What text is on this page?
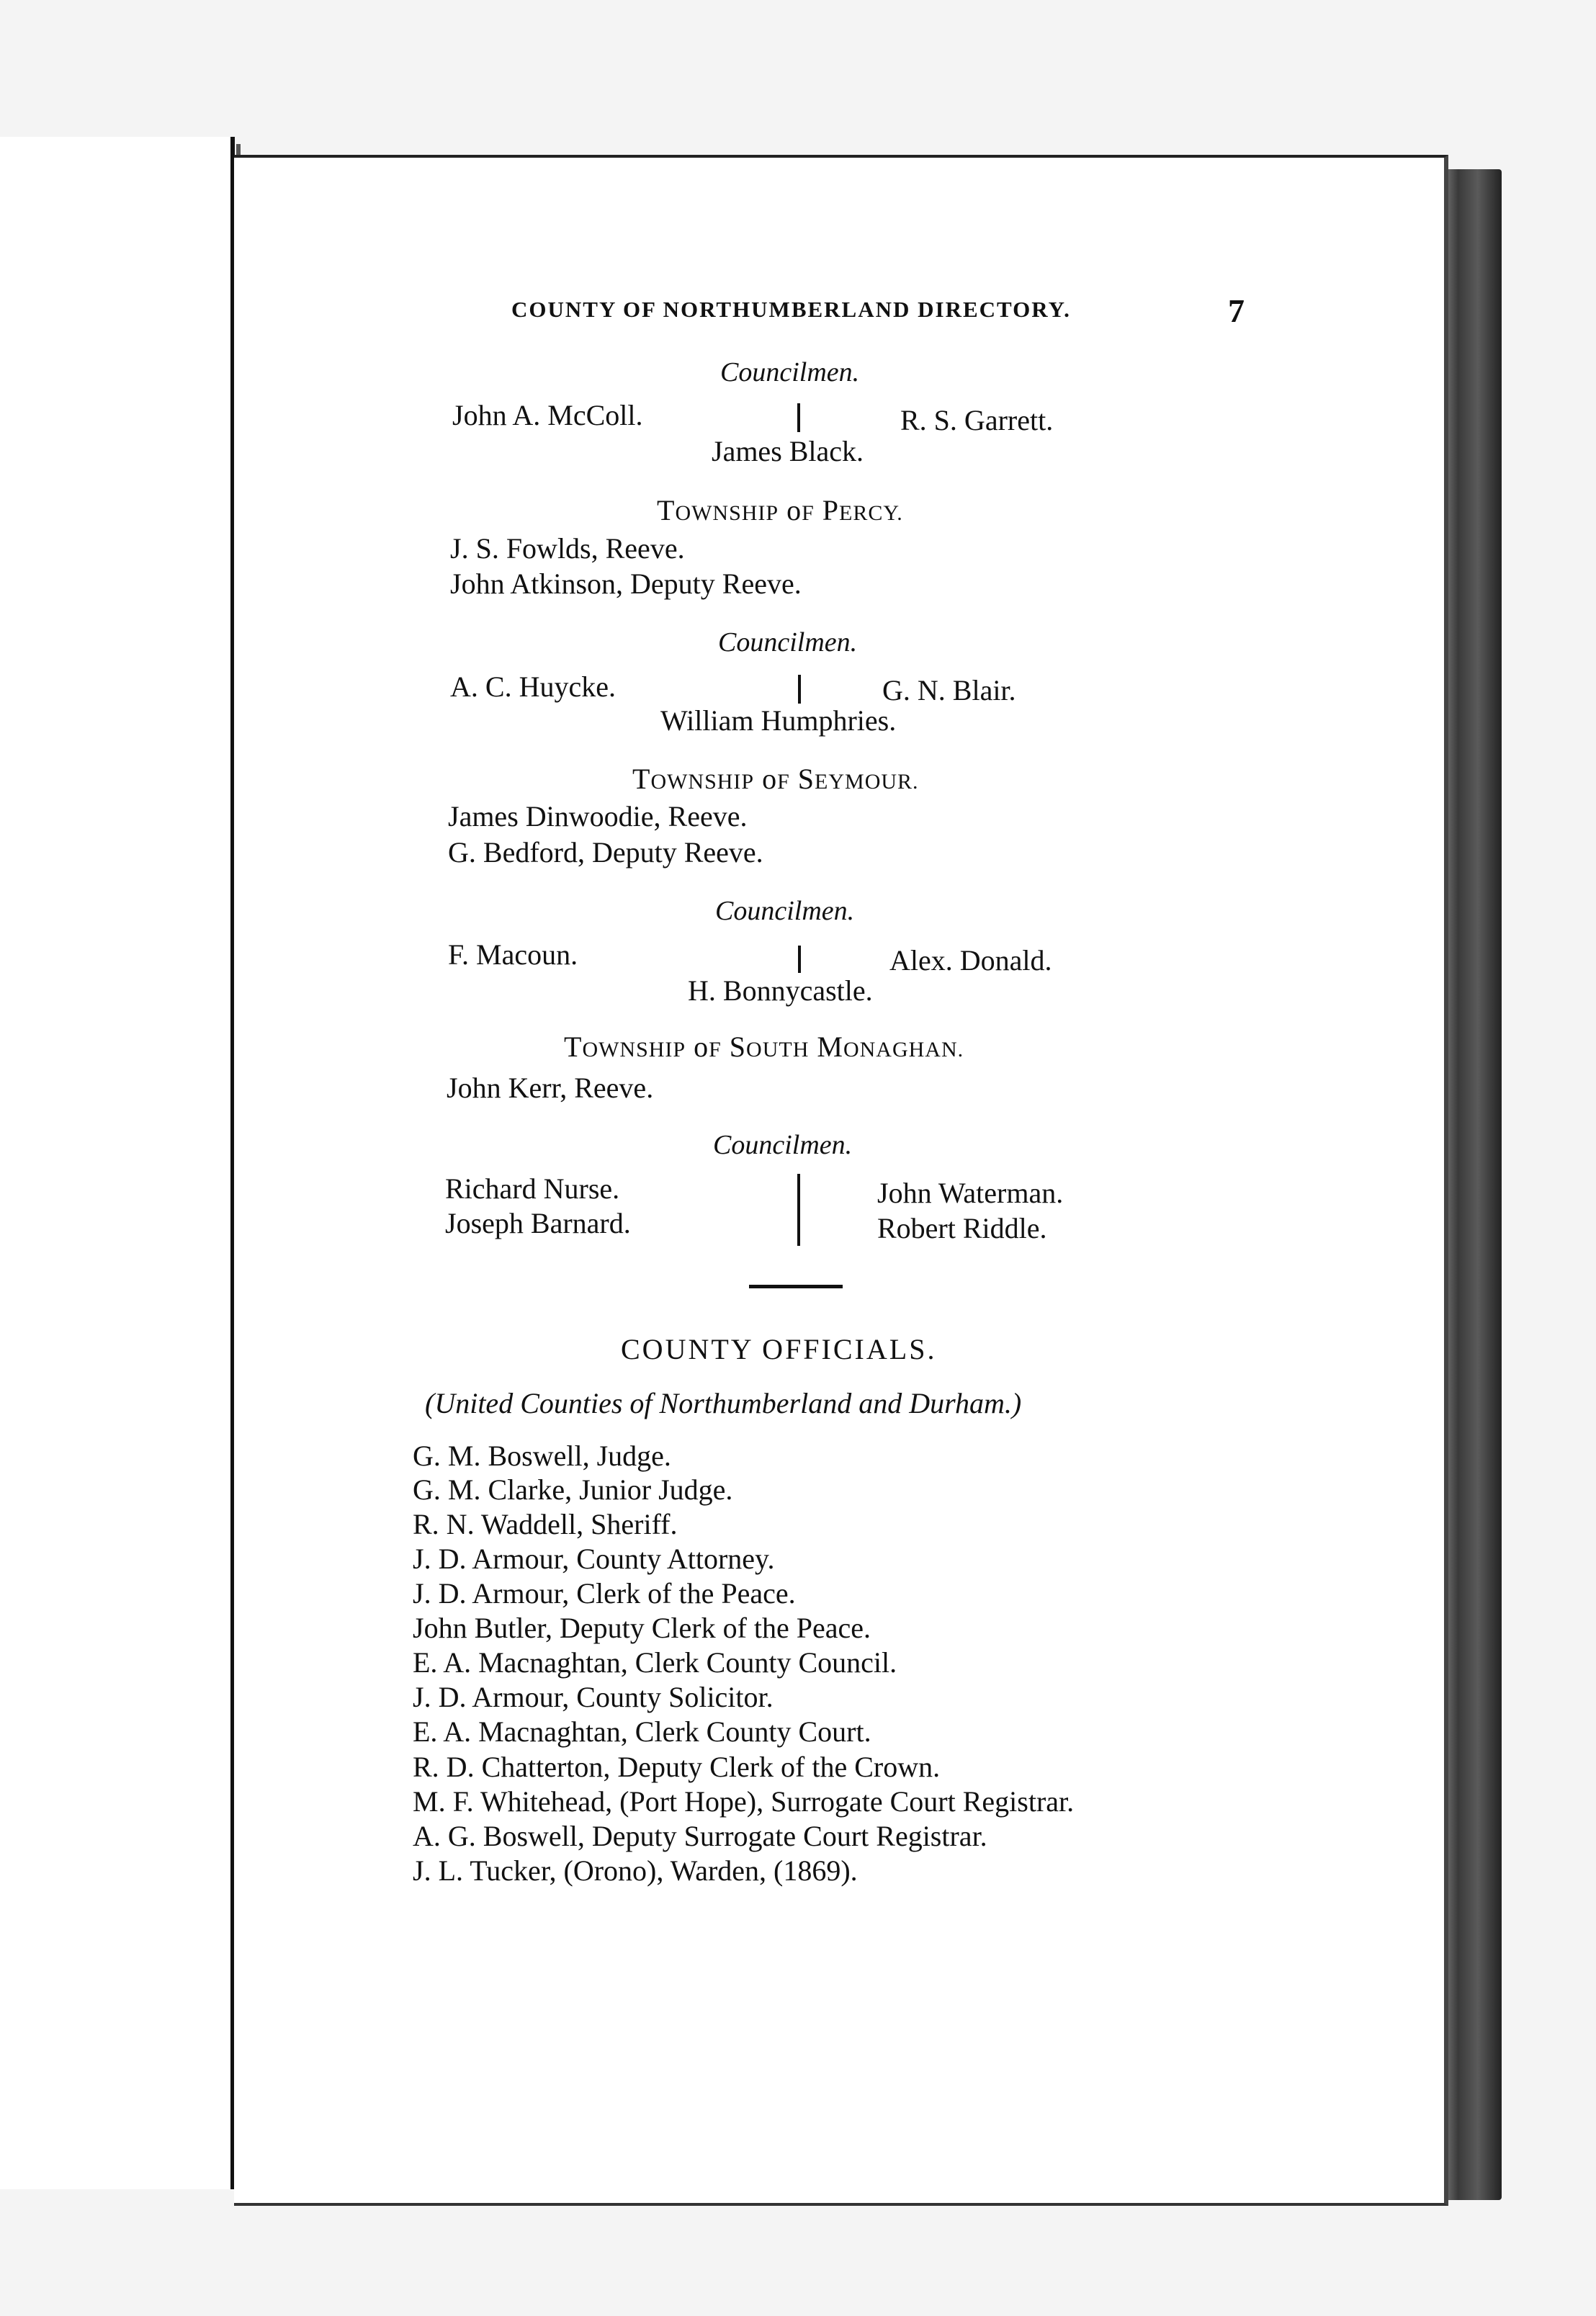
COUNTY OF NORTHUMBERLAND DIRECTORY.	7
Councilmen.
John A. McColl.	R. S. Garrett.
James Black.
TOWNSHIP oF PERCY.
J. S. Fowlds, Reeve.
John Atkinson, Deputy Reeve.
Councilmen.
A. C. Huycke.	G. N. Blair.
William Humphries.
TOWNSHIP oF SEYMOUR.
James Dinwoodie, Reeve.
G. Bedford, Deputy Reeve.
Councilmen.
F. Macoun.	Alex. Donald.
H. Bonnycastle.
TOWNSHIP oF SOUTH MONAGHAN.
John Kerr, Reeve.
Councilmen.
Richard Nurse.
Joseph Barnard.
John Waterman.
Robert Riddle.
COUNTY OFFICIALS.
(United Counties of Northumberland and Durham.)
G. M. Boswell, Judge.
G. M. Clarke, Junior Judge.
R. N. Waddell, Sheriff.
J. D. Armour, County Attorney.
J. D. Armour, Clerk of the Peace.
John Butler, Deputy Clerk of the Peace.
E. A. Macnaghtan, Clerk County Council.
J. D. Armour, County Solicitor.
E. A. Macnaghtan, Clerk County Court.
R. D. Chatterton, Deputy Clerk of the Crown.
M. F. Whitehead, (Port Hope), Surrogate Court Registrar.
A. G. Boswell, Deputy Surrogate Court Registrar.
J. L. Tucker, (Orono), Warden, (1869).
